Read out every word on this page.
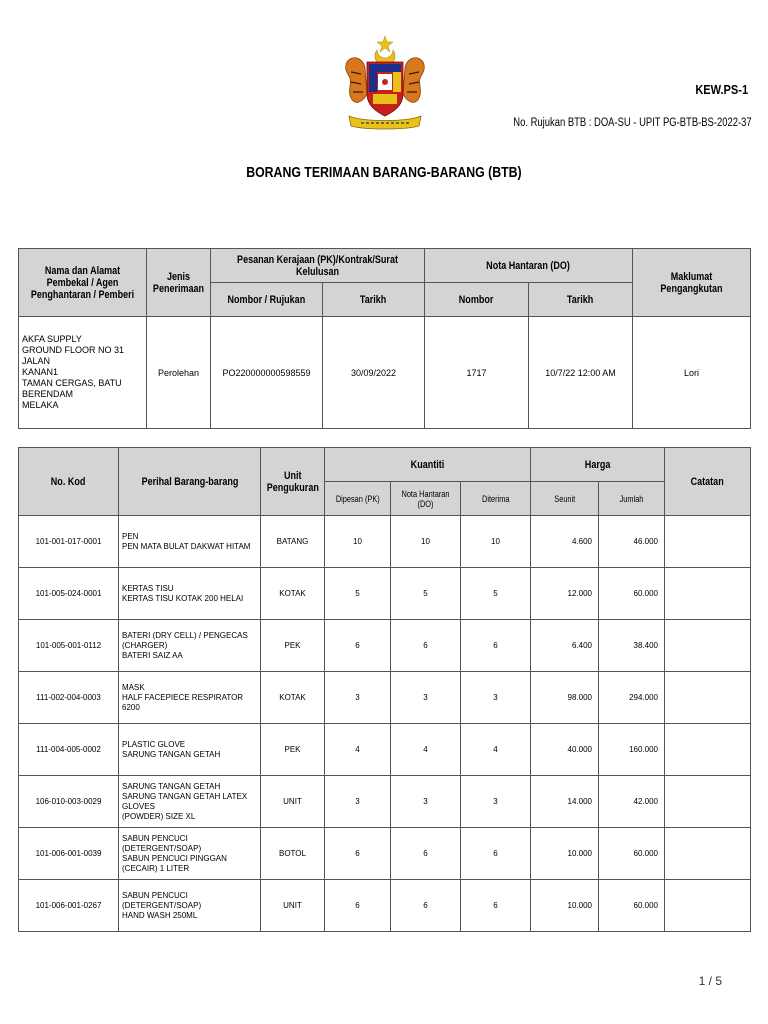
KEW.PS-1
No. Rujukan BTB : DOA-SU - UPIT PG-BTB-BS-2022-37
BORANG TERIMAAN BARANG-BARANG (BTB)
Nama dan Alamat Pembekal / Agen Penghantaran / Pemberi	Jenis Penerimaan	Pesanan Kerajaan (PK)/Kontrak/Surat Kelulusan		Nota Hantaran (DO)		Maklumat Pengangkutan
		Nombor / Rujukan	Tarikh	Nombor	Tarikh	

AKFA SUPPLY
GROUND FLOOR NO 31 JALAN
KANAN1
TAMAN CERGAS, BATU BERENDAM
MELAKA	Perolehan	PO220000000598559	30/09/2022	1717	10/7/22 12:00 AM	Lori
No. Kod	Perihal Barang-barang	Unit Pengukuran	Kuantiti			Harga		Catatan
			Dipesan (PK)	Nota Hantaran (DO)	Diterima	Seunit	Jumlah	
101-001-017-0001	PEN
PEN MATA BULAT DAKWAT HITAM	BATANG	10	10	10	4.600	46.000	
101-005-024-0001	KERTAS TISU
KERTAS TISU KOTAK 200 HELAI	KOTAK	5	5	5	12.000	60.000	
101-005-001-0112	BATERI (DRY CELL) / PENGECAS (CHARGER)
BATERI SAIZ AA	PEK	6	6	6	6.400	38.400	
111-002-004-0003	MASK
HALF FACEPIECE RESPIRATOR 6200	KOTAK	3	3	3	98.000	294.000	
111-004-005-0002	PLASTIC GLOVE
SARUNG TANGAN GETAH	PEK	4	4	4	40.000	160.000	
106-010-003-0029	SARUNG TANGAN GETAH
SARUNG TANGAN GETAH LATEX GLOVES
(POWDER) SIZE XL	UNIT	3	3	3	14.000	42.000	
101-006-001-0039	SABUN PENCUCI (DETERGENT/SOAP)
SABUN PENCUCI PINGGAN (CECAIR) 1 LITER	BOTOL	6	6	6	10.000	60.000	
101-006-001-0267	SABUN PENCUCI (DETERGENT/SOAP)
HAND WASH 250ML	UNIT	6	6	6	10.000	60.000	
1 / 5
